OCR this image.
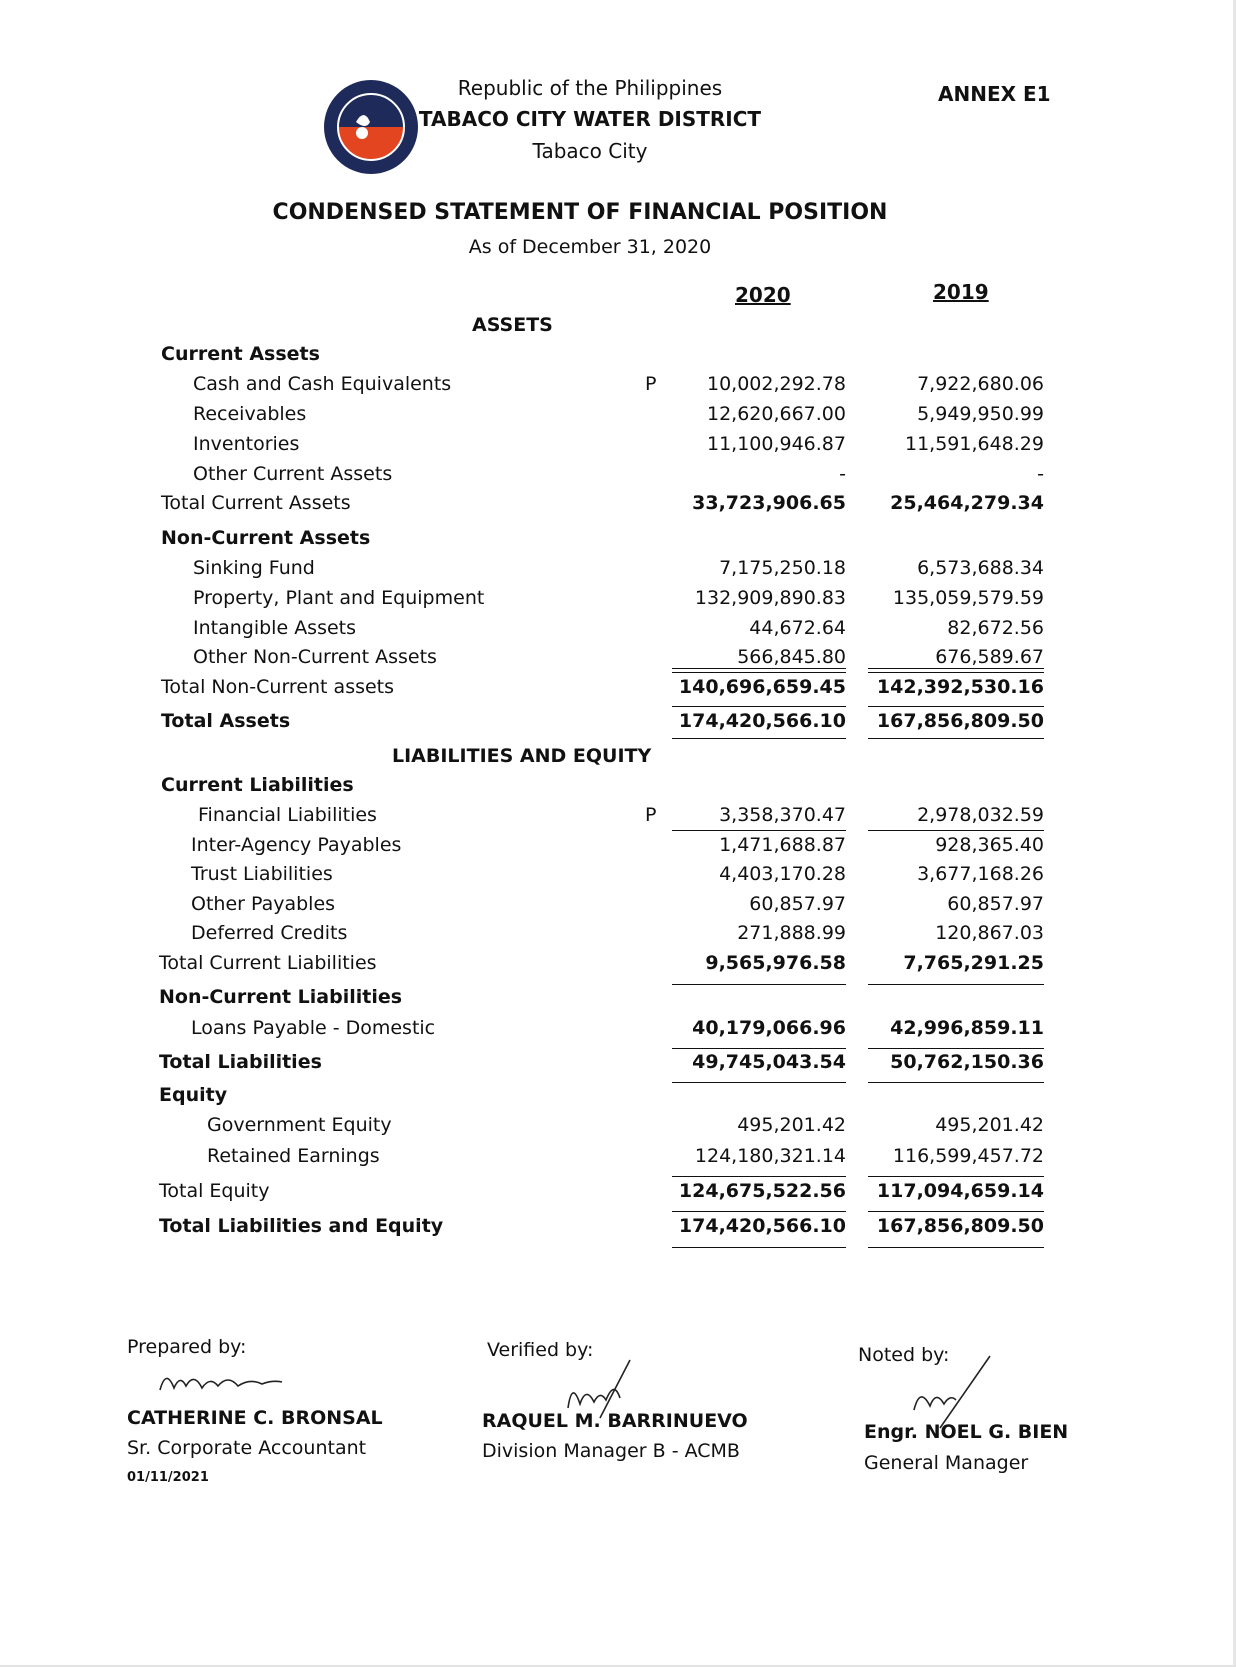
Republic of the Philippines
TABACO CITY WATER DISTRICT
Tabaco City
ANNEX E1
CONDENSED STATEMENT OF FINANCIAL POSITION
As of December 31, 2020
2020	2019
ASSETS
LIABILITIES AND EQUITY
Current Assets
Cash and Cash Equivalents	P	10,002,292.78	7,922,680.06
Receivables	12,620,667.00	5,949,950.99
Inventories	11,100,946.87	11,591,648.29
Other Current Assets	-	-
Total Current Assets	33,723,906.65 25,464,279.34
Non-Current Assets
Sinking Fund	7,175,250.18	6,573,688.34
Property, Plant and Equipment	132,909,890.83 135,059,579.59
Intangible Assets	44,672.64	82,672.56
Other Non-Current Assets	566,845.80	676,589.67
Total Non-Current assets	140,696,659.45 142,392,530.16
Total Assets	174,420,566.10 167,856,809.50
Current Liabilities
Financial Liabilities	P	3,358,370.47	2,978,032.59
Inter-Agency Payables	1,471,688.87	928,365.40
Trust Liabilities	4,403,170.28	3,677,168.26
Other Payables	60,857.97	60,857.97
Deferred Credits	271,888.99	120,867.03
Total Current Liabilities	9,565,976.58	7,765,291.25
Non-Current Liabilities
Loans Payable - Domestic	40,179,066.96 42,996,859.11
Total Liabilities	49,745,043.54 50,762,150.36
Equity
Government Equity	495,201.42	495,201.42
Retained Earnings	124,180,321.14 116,599,457.72
Total Equity	124,675,522.56 117,094,659.14
Total Liabilities and Equity	174,420,566.10 167,856,809.50
Prepared by:
CATHERINE C. BRONSAL
Sr. Corporate Accountant
01/11/2021
Verified by:
RAQUEL M. BARRINUEVO
Division Manager B - ACMB
Noted by:
Engr. NOEL G. BIEN
General Manager
